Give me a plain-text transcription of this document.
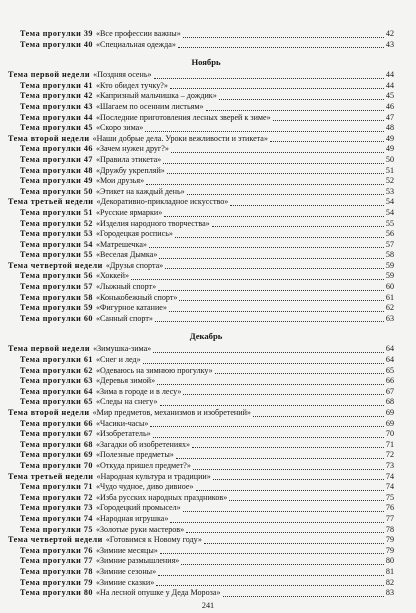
Тема прогулки 39 «Все профессии важны»	42
Тема прогулки 40 «Специальная одежда»	43
Ноябрь
Тема первой недели «Поздняя осень»	44
Тема прогулки 41 «Кто обидел тучку?»	44
Тема прогулки 42 «Капризный мальчишка – дождик»	45
Тема прогулки 43 «Шагаем по осенним листьям»	46
Тема прогулки 44 «Последние приготовления лесных зверей к зиме»	47
Тема прогулки 45 «Скоро зима»	48
Тема второй недели «Наши добрые дела. Уроки вежливости и этикета»	49
Тема прогулки 46 «Зачем нужен друг?»	49
Тема прогулки 47 «Правила этикета»	50
Тема прогулки 48 «Дружбу укрепляй»	51
Тема прогулки 49 «Мои друзья»	52
Тема прогулки 50 «Этикет на каждый день»	53
Тема третьей недели «Декоративно-прикладное искусство»	54
Тема прогулки 51 «Русские ярмарки»	54
Тема прогулки 52 «Изделия народного творчества»	55
Тема прогулки 53 «Городецкая роспись»	56
Тема прогулки 54 «Матрешечка»	57
Тема прогулки 55 «Веселая Дымка»	58
Тема четвертой недели «Друзья спорта»	59
Тема прогулки 56 «Хоккей»	59
Тема прогулки 57 «Лыжный спорт»	60
Тема прогулки 58 «Конькобежный спорт»	61
Тема прогулки 59 «Фигурное катание»	62
Тема прогулки 60 «Санный спорт»	63
Декабрь
Тема первой недели «Зимушка-зима»	64
Тема прогулки 61 «Снег и лед»	64
Тема прогулки 62 «Одеваюсь на зимнюю прогулку»	65
Тема прогулки 63 «Деревья зимой»	66
Тема прогулки 64 «Зима в городе и в лесу»	67
Тема прогулки 65 «Следы на снегу»	68
Тема второй недели «Мир предметов, механизмов и изобретений»	69
Тема прогулки 66 «Часики-часы»	69
Тема прогулки 67 «Изобретатель»	70
Тема прогулки 68 «Загадки об изобретениях»	71
Тема прогулки 69 «Полезные предметы»	72
Тема прогулки 70 «Откуда пришел предмет?»	73
Тема третьей недели «Народная культура и традиции»	74
Тема прогулки 71 «Чудо чудное, диво дивное»	74
Тема прогулки 72 «Изба русских народных праздников»	75
Тема прогулки 73 «Городецкий промысел»	76
Тема прогулки 74 «Народная игрушка»	77
Тема прогулки 75 «Золотые руки мастеров»	78
Тема четвертой недели «Готовимся к Новому году»	79
Тема прогулки 76 «Зимние месяцы»	79
Тема прогулки 77 «Зимние размышления»	80
Тема прогулки 78 «Зимние сезоны»	81
Тема прогулки 79 «Зимние сказки»	82
Тема прогулки 80 «На лесной опушке у Деда Мороза»	83
241
